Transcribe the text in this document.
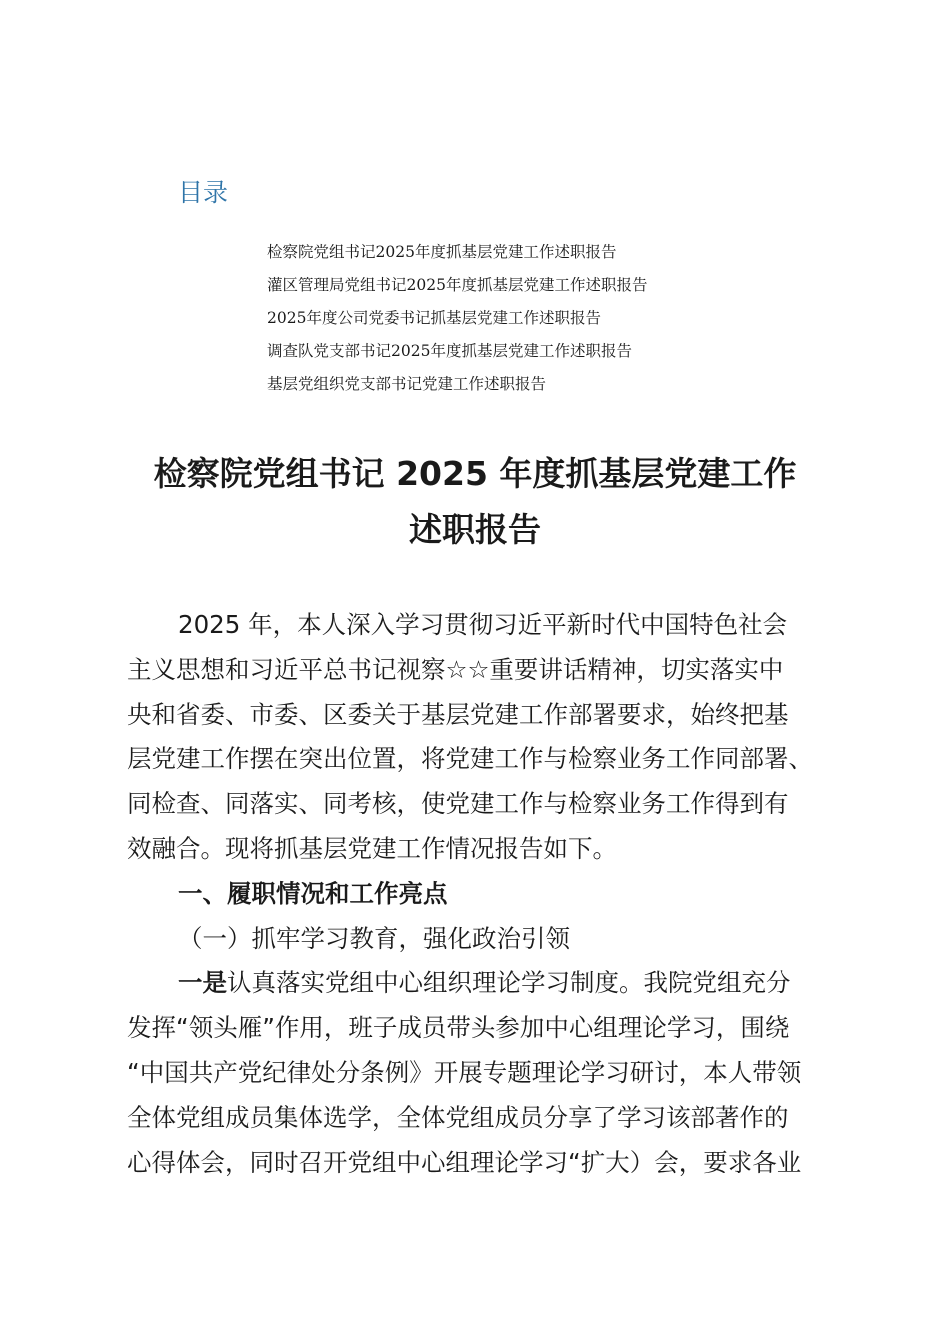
目录
检察院党组书记2025年度抓基层党建工作述职报告
灌区管理局党组书记2025年度抓基层党建工作述职报告
2025年度公司党委书记抓基层党建工作述职报告
调查队党支部书记2025年度抓基层党建工作述职报告
基层党组织党支部书记党建工作述职报告
检察院党组书记 2025 年度抓基层党建工作
述职报告
2025 年，本人深入学习贯彻习近平新时代中国特色社会
主义思想和习近平总书记视察☆☆重要讲话精神，切实落实中
央和省委、市委、区委关于基层党建工作部署要求，始终把基
层党建工作摆在突出位置，将党建工作与检察业务工作同部署、
同检查、同落实、同考核，使党建工作与检察业务工作得到有
效融合。现将抓基层党建工作情况报告如下。
一、履职情况和工作亮点
（一）抓牢学习教育，强化政治引领
一是认真落实党组中心组织理论学习制度。我院党组充分
发挥“领头雁”作用，班子成员带头参加中心组理论学习，围绕
“中国共产党纪律处分条例》开展专题理论学习研讨，本人带领
全体党组成员集体选学，全体党组成员分享了学习该部著作的
心得体会，同时召开党组中心组理论学习“扩大）会，要求各业
